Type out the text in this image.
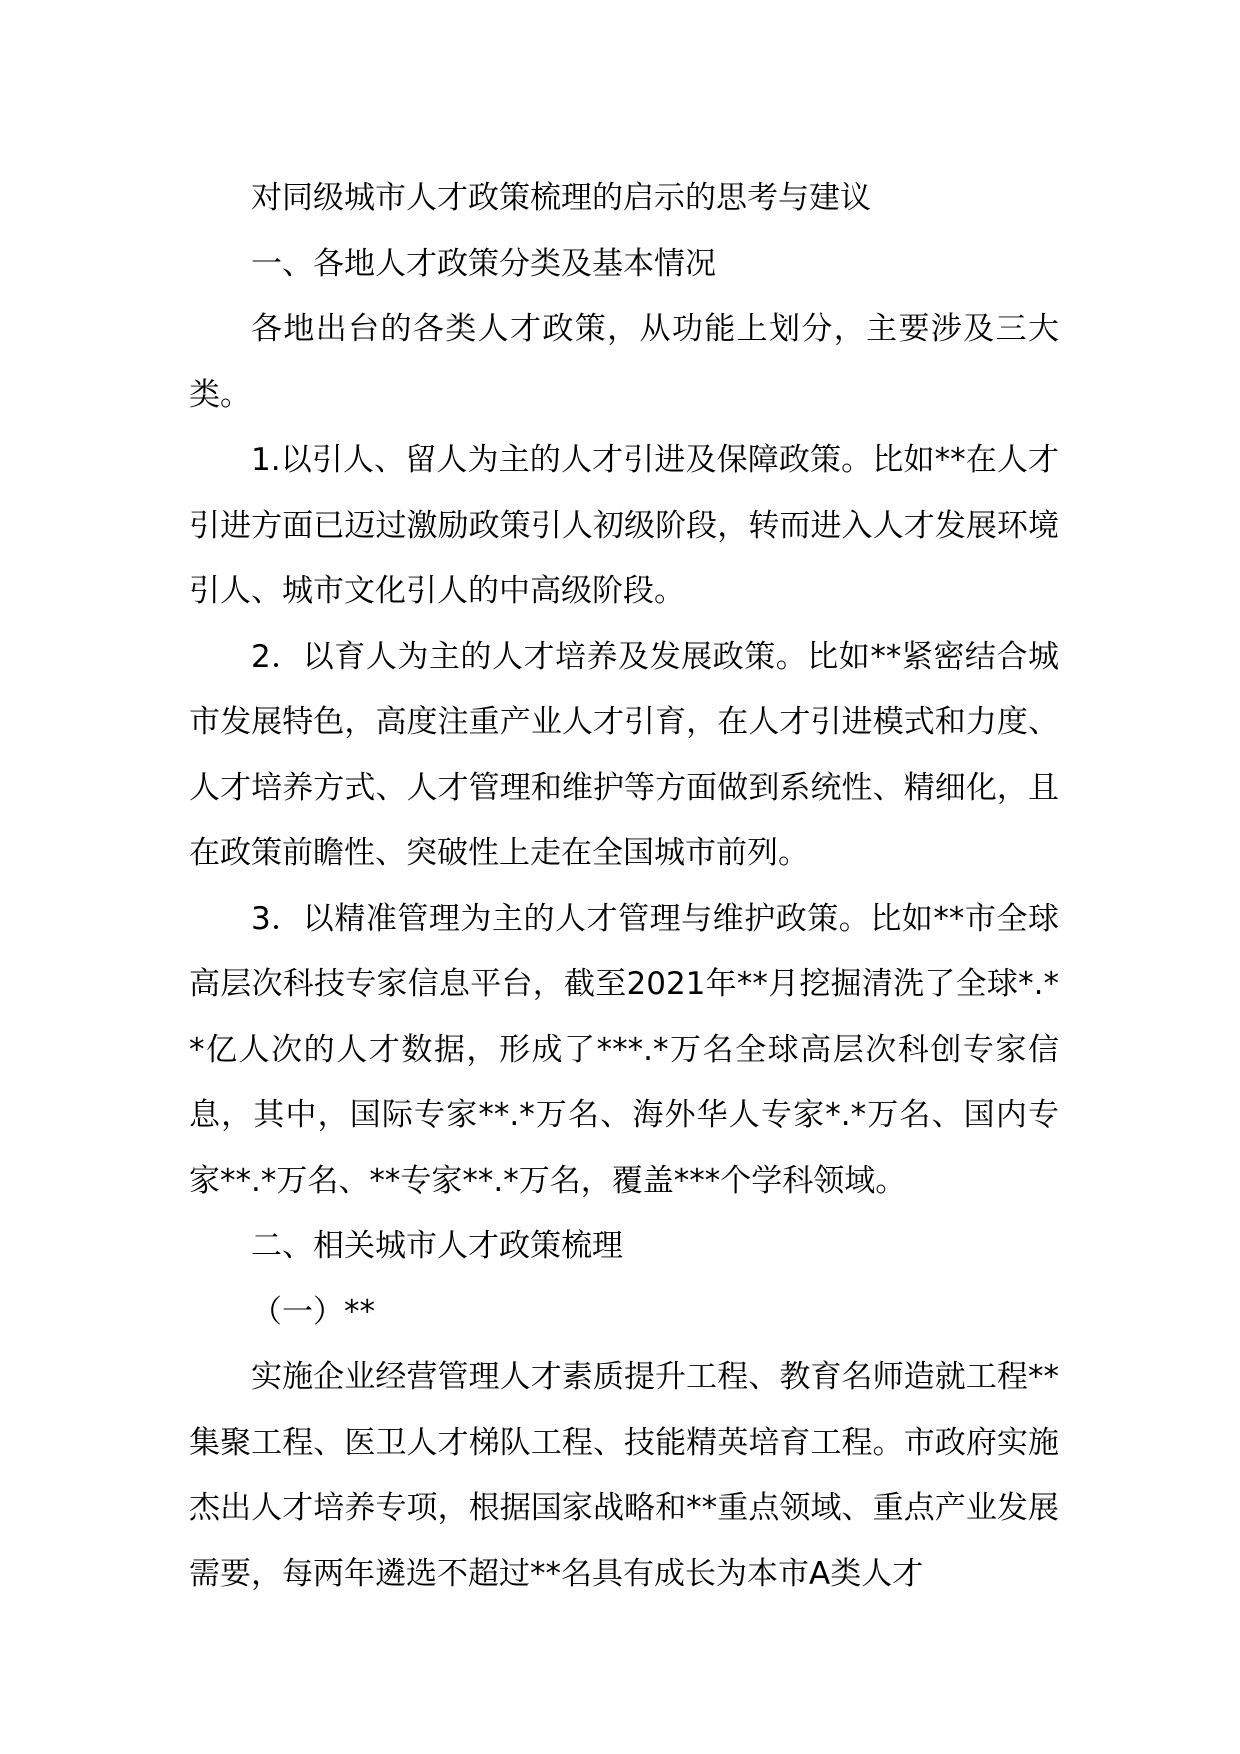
对同级城市人才政策梳理的启示的思考与建议

一、各地人才政策分类及基本情况

各地出台的各类人才政策，从功能上划分，主要涉及三大类。

1.以引人、留人为主的人才引进及保障政策。比如**在人才引进方面已迈过激励政策引人初级阶段，转而进入人才发展环境引人、城市文化引人的中高级阶段。

2．以育人为主的人才培养及发展政策。比如**紧密结合城市发展特色，高度注重产业人才引育，在人才引进模式和力度、人才培养方式、人才管理和维护等方面做到系统性、精细化，且在政策前瞻性、突破性上走在全国城市前列。

3．以精准管理为主的人才管理与维护政策。比如**市全球高层次科技专家信息平台，截至2021年**月挖掘清洗了全球*.**亿人次的人才数据，形成了***.*万名全球高层次科创专家信息，其中，国际专家**.*万名、海外华人专家*.*万名、国内专家**.*万名、**专家**.*万名，覆盖***个学科领域。

二、相关城市人才政策梳理

（一）**

实施企业经营管理人才素质提升工程、教育名师造就工程**集聚工程、医卫人才梯队工程、技能精英培育工程。市政府实施杰出人才培养专项，根据国家战略和**重点领域、重点产业发展需要，每两年遴选不超过**名具有成长为本市A类人才
